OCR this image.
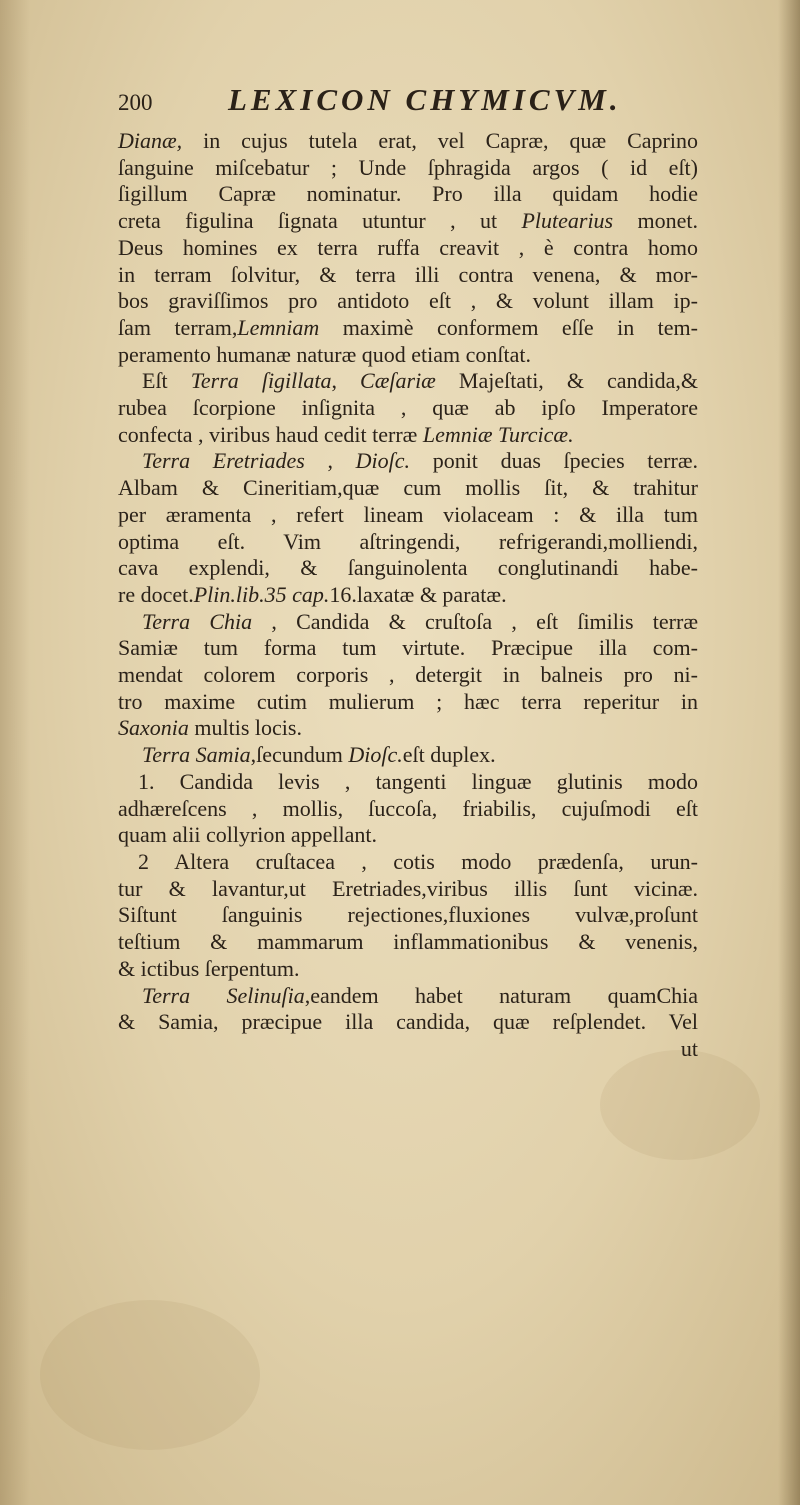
200 LEXICON CHYMICVM.
Dianæ, in cujus tutela erat, vel Capræ, quæ Caprino
ſanguine miſcebatur ; Unde ſphragida argos ( id eſt)
ſigillum Capræ nominatur. Pro illa quidam hodie
creta figulina ſignata utuntur , ut Plutearius monet.
Deus homines ex terra ruffa creavit , è contra homo
in terram ſolvitur, & terra illi contra venena, & mor-
bos graviſſimos pro antidoto eſt , & volunt illam ip-
ſam terram,Lemniam maximè conformem eſſe in tem-
peramento humanæ naturæ quod etiam conſtat.
Eſt Terra ſigillata, Cæſariæ Majeſtati, & candida,&
rubea ſcorpione inſignita , quæ ab ipſo Imperatore
confecta , viribus haud cedit terræ Lemniæ Turcicæ.
Terra Eretriades , Dioſc. ponit duas ſpecies terræ.
Albam & Cineritiam,quæ cum mollis ſit, & trahitur
per æramenta , refert lineam violaceam : & illa tum
optima eſt. Vim aſtringendi, refrigerandi,molliendi,
cava explendi, & ſanguinolenta conglutinandi habe-
re docet.Plin.lib.35 cap.16.laxatæ & paratæ.
Terra Chia , Candida & cruſtoſa , eſt ſimilis terræ
Samiæ tum forma tum virtute. Præcipue illa com-
mendat colorem corporis , detergit in balneis pro ni-
tro maxime cutim mulierum ; hæc terra reperitur in
Saxonia multis locis.
Terra Samia,ſecundum Dioſc.eſt duplex.
1. Candida levis , tangenti linguæ glutinis modo
adhæreſcens , mollis, ſuccoſa, friabilis, cujuſmodi eſt
quam alii collyrion appellant.
2 Altera cruſtacea , cotis modo prædenſa, urun-
tur & lavantur,ut Eretriades,viribus illis ſunt vicinæ.
Siſtunt ſanguinis rejectiones,fluxiones vulvæ,proſunt
teſtium & mammarum inflammationibus & venenis,
& ictibus ſerpentum.
Terra Selinuſia,eandem habet naturam quamChia
& Samia, præcipue illa candida, quæ reſplendet. Vel
ut
